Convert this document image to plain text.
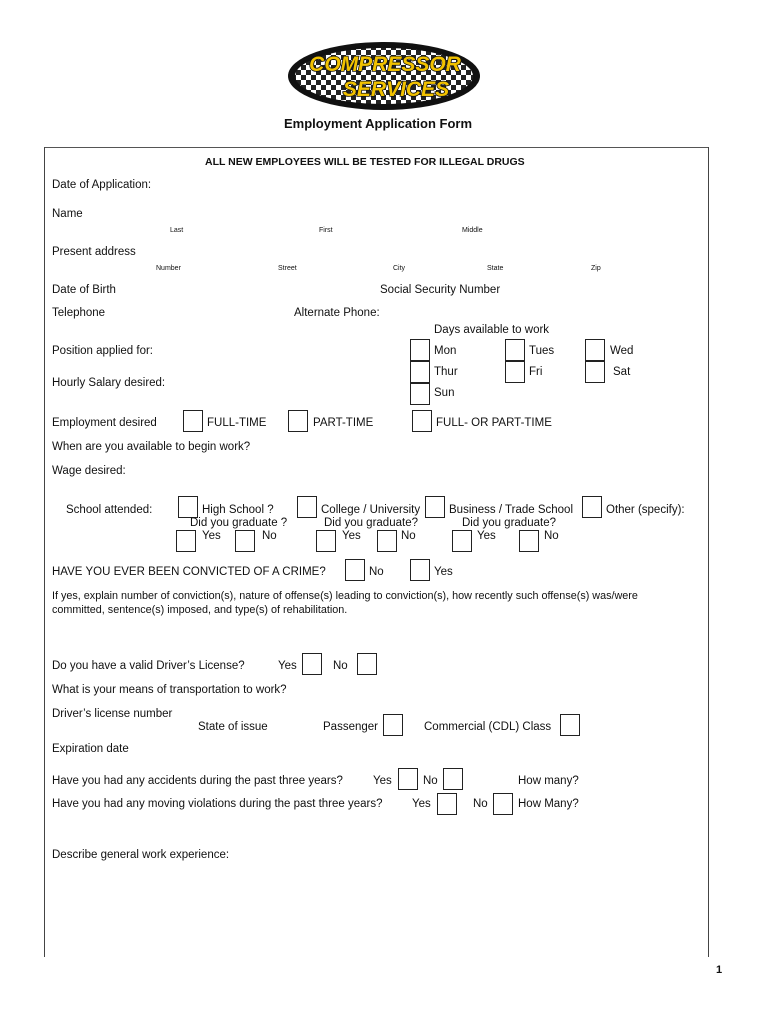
COMPRESSOR
SERVICES
Employment Application Form
ALL NEW EMPLOYEES WILL BE TESTED FOR ILLEGAL DRUGS
Date of Application:
Name
Last	First	Middle
Present address
Number	Street	City	State	Zip
Date of Birth	Social Security Number
Telephone	Alternate Phone:
Days available to work
Mon	Tues	Wed
Position applied for:
Thur	Fri	Sat
Hourly Salary desired:
Sun
Employment desired	FULL-TIME	PART-TIME	FULL- OR PART-TIME
When are you available to begin work?
Wage desired:
School attended:	High School ?	College / University	Business / Trade School	Other (specify):
Did you graduate ?	Did you graduate?	Did you graduate?
Yes	No	Yes	No	Yes	No
HAVE YOU EVER BEEN CONVICTED OF A CRIME?	No	Yes
If yes, explain number of conviction(s), nature of offense(s) leading to conviction(s), how recently such offense(s) was/were
committed, sentence(s) imposed, and type(s) of rehabilitation.
Do you have a valid Driver’s License?	Yes	No
What is your means of transportation to work?
Driver’s license number
State of issue	Passenger	Commercial (CDL) Class
Expiration date
Have you had any accidents during the past three years?	Yes	No	How many?
Have you had any moving violations during the past three years?	Yes	No	How Many?
Describe general work experience:
1
